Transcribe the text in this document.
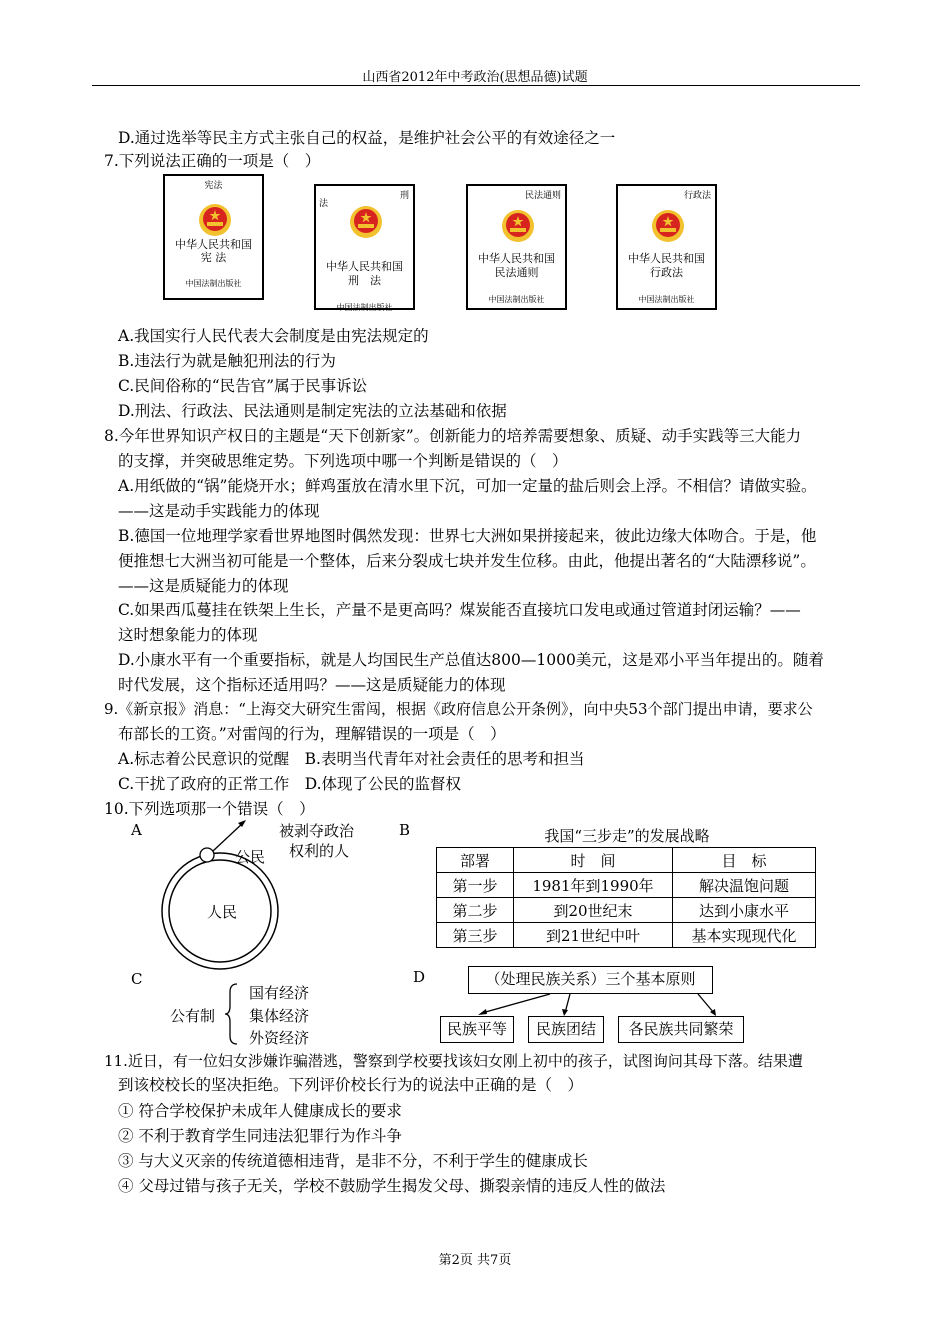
山西省2012年中考政治(思想品德)试题
D.通过选举等民主方式主张自己的权益，是维护社会公平的有效途径之一
7.下列说法正确的一项是（　）
宪法
中华人民共和国
宪 法
中国法制出版社
刑
法
中华人民共和国
刑　法
中国法制出版社
民法通则
中华人民共和国
民法通则
中国法制出版社
行政法
中华人民共和国
行政法
中国法制出版社
A.我国实行人民代表大会制度是由宪法规定的
B.违法行为就是触犯刑法的行为
C.民间俗称的“民告官”属于民事诉讼
D.刑法、行政法、民法通则是制定宪法的立法基础和依据
8.今年世界知识产权日的主题是“天下创新家”。创新能力的培养需要想象、质疑、动手实践等三大能力
的支撑，并突破思维定势。下列选项中哪一个判断是错误的（　）
A.用纸做的“锅”能烧开水；鲜鸡蛋放在清水里下沉，可加一定量的盐后则会上浮。不相信？请做实验。
——这是动手实践能力的体现
B.德国一位地理学家看世界地图时偶然发现：世界七大洲如果拼接起来，彼此边缘大体吻合。于是，他
便推想七大洲当初可能是一个整体，后来分裂成七块并发生位移。由此，他提出著名的“大陆漂移说”。
——这是质疑能力的体现
C.如果西瓜蔓挂在铁架上生长，产量不是更高吗？煤炭能否直接坑口发电或通过管道封闭运输？——
这时想象能力的体现
D.小康水平有一个重要指标，就是人均国民生产总值达800—1000美元，这是邓小平当年提出的。随着
时代发展，这个指标还适用吗？——这是质疑能力的体现
9.《新京报》消息：“上海交大研究生雷闯，根据《政府信息公开条例》，向中央53个部门提出申请，要求公
布部长的工资。”对雷闯的行为，理解错误的一项是（　）
A.标志着公民意识的觉醒　B.表明当代青年对社会责任的思考和担当
C.干扰了政府的正常工作　D.体现了公民的监督权
10.下列选项那一个错误（　）
A
公民
人民
被剥夺政治
权利的人
B	我国“三步走”的发展战略
部署	时　间	目　标
第一步	1981年到1990年	解决温饱问题
第二步	到20世纪末	达到小康水平
第三步	到21世纪中叶	基本实现现代化
C
公有制
国有经济
集体经济
外资经济
D	（处理民族关系）三个基本原则
民族平等	民族团结	各民族共同繁荣
11.近日，有一位妇女涉嫌诈骗潜逃，警察到学校要找该妇女刚上初中的孩子，试图询问其母下落。结果遭
到该校校长的坚决拒绝。下列评价校长行为的说法中正确的是（　）
① 符合学校保护未成年人健康成长的要求
② 不利于教育学生同违法犯罪行为作斗争
③ 与大义灭亲的传统道德相违背，是非不分，不利于学生的健康成长
④ 父母过错与孩子无关，学校不鼓励学生揭发父母、撕裂亲情的违反人性的做法
第2页 共7页
